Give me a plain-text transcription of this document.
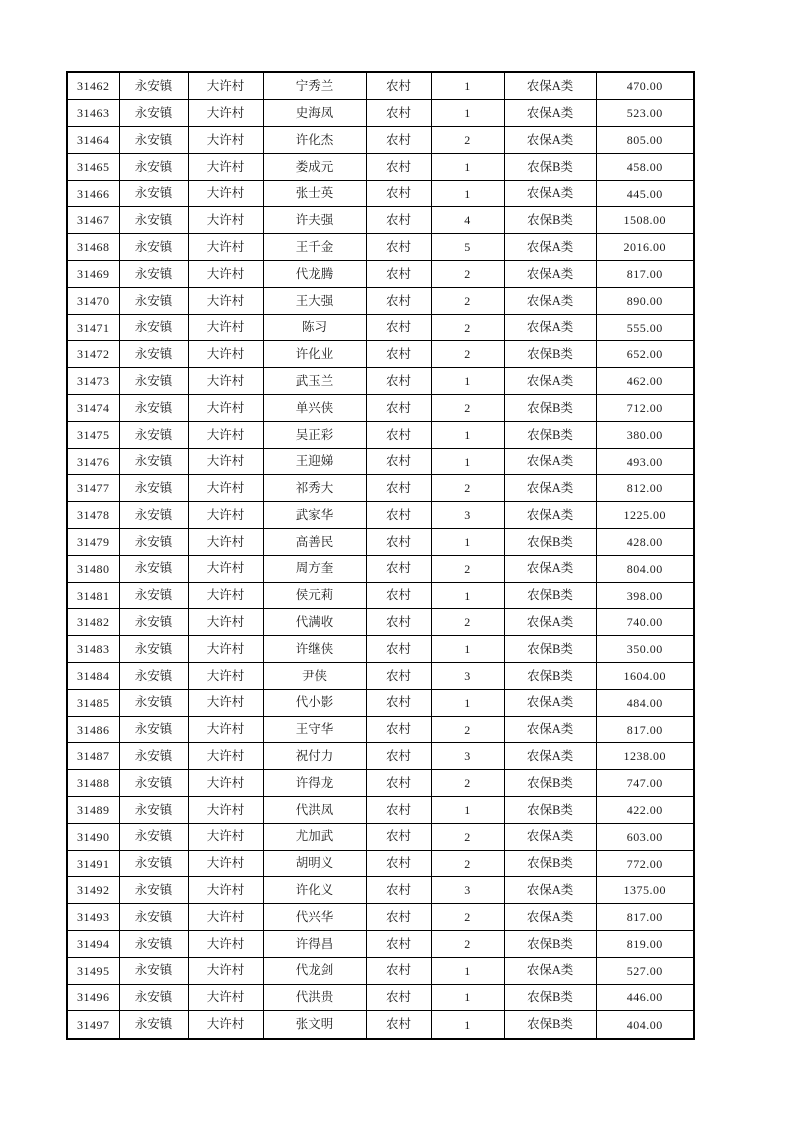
31462	永安镇	大许村	宁秀兰	农村	1	农保A类	470.00
31463	永安镇	大许村	史海凤	农村	1	农保A类	523.00
31464	永安镇	大许村	许化杰	农村	2	农保A类	805.00
31465	永安镇	大许村	娄成元	农村	1	农保B类	458.00
31466	永安镇	大许村	张士英	农村	1	农保A类	445.00
31467	永安镇	大许村	许夫强	农村	4	农保B类	1508.00
31468	永安镇	大许村	王千金	农村	5	农保A类	2016.00
31469	永安镇	大许村	代龙腾	农村	2	农保A类	817.00
31470	永安镇	大许村	王大强	农村	2	农保A类	890.00
31471	永安镇	大许村	陈习	农村	2	农保A类	555.00
31472	永安镇	大许村	许化业	农村	2	农保B类	652.00
31473	永安镇	大许村	武玉兰	农村	1	农保A类	462.00
31474	永安镇	大许村	单兴侠	农村	2	农保B类	712.00
31475	永安镇	大许村	吴正彩	农村	1	农保B类	380.00
31476	永安镇	大许村	王迎娣	农村	1	农保A类	493.00
31477	永安镇	大许村	祁秀大	农村	2	农保A类	812.00
31478	永安镇	大许村	武家华	农村	3	农保A类	1225.00
31479	永安镇	大许村	高善民	农村	1	农保B类	428.00
31480	永安镇	大许村	周方奎	农村	2	农保A类	804.00
31481	永安镇	大许村	侯元莉	农村	1	农保B类	398.00
31482	永安镇	大许村	代满收	农村	2	农保A类	740.00
31483	永安镇	大许村	许继侠	农村	1	农保B类	350.00
31484	永安镇	大许村	尹侠	农村	3	农保B类	1604.00
31485	永安镇	大许村	代小影	农村	1	农保A类	484.00
31486	永安镇	大许村	王守华	农村	2	农保A类	817.00
31487	永安镇	大许村	祝付力	农村	3	农保A类	1238.00
31488	永安镇	大许村	许得龙	农村	2	农保B类	747.00
31489	永安镇	大许村	代洪凤	农村	1	农保B类	422.00
31490	永安镇	大许村	尤加武	农村	2	农保A类	603.00
31491	永安镇	大许村	胡明义	农村	2	农保B类	772.00
31492	永安镇	大许村	许化义	农村	3	农保A类	1375.00
31493	永安镇	大许村	代兴华	农村	2	农保A类	817.00
31494	永安镇	大许村	许得昌	农村	2	农保B类	819.00
31495	永安镇	大许村	代龙剑	农村	1	农保A类	527.00
31496	永安镇	大许村	代洪贵	农村	1	农保B类	446.00
31497	永安镇	大许村	张文明	农村	1	农保B类	404.00
